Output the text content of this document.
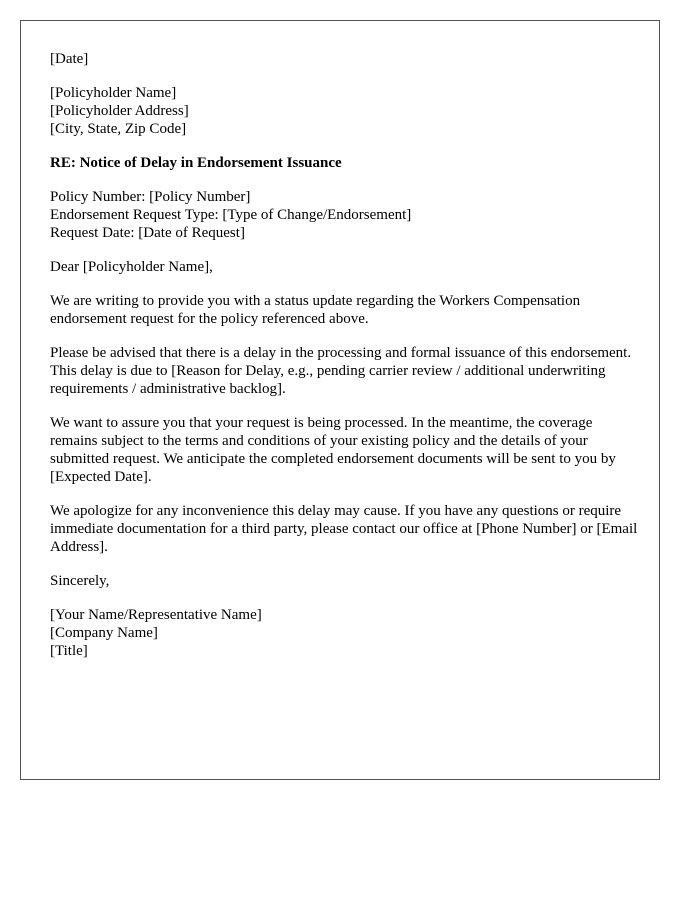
[Date]
[Policyholder Name]
[Policyholder Address]
[City, State, Zip Code]
RE: Notice of Delay in Endorsement Issuance
Policy Number: [Policy Number]
Endorsement Request Type: [Type of Change/Endorsement]
Request Date: [Date of Request]
Dear [Policyholder Name],

We are writing to provide you with a status update regarding the Workers Compensation endorsement request for the policy referenced above.

Please be advised that there is a delay in the processing and formal issuance of this endorsement. This delay is due to [Reason for Delay, e.g., pending carrier review / additional underwriting requirements / administrative backlog].

We want to assure you that your request is being processed. In the meantime, the coverage remains subject to the terms and conditions of your existing policy and the details of your submitted request. We anticipate the completed endorsement documents will be sent to you by [Expected Date].

We apologize for any inconvenience this delay may cause. If you have any questions or require immediate documentation for a third party, please contact our office at [Phone Number] or [Email Address].

Sincerely,
[Your Name/Representative Name]
[Company Name]
[Title]
